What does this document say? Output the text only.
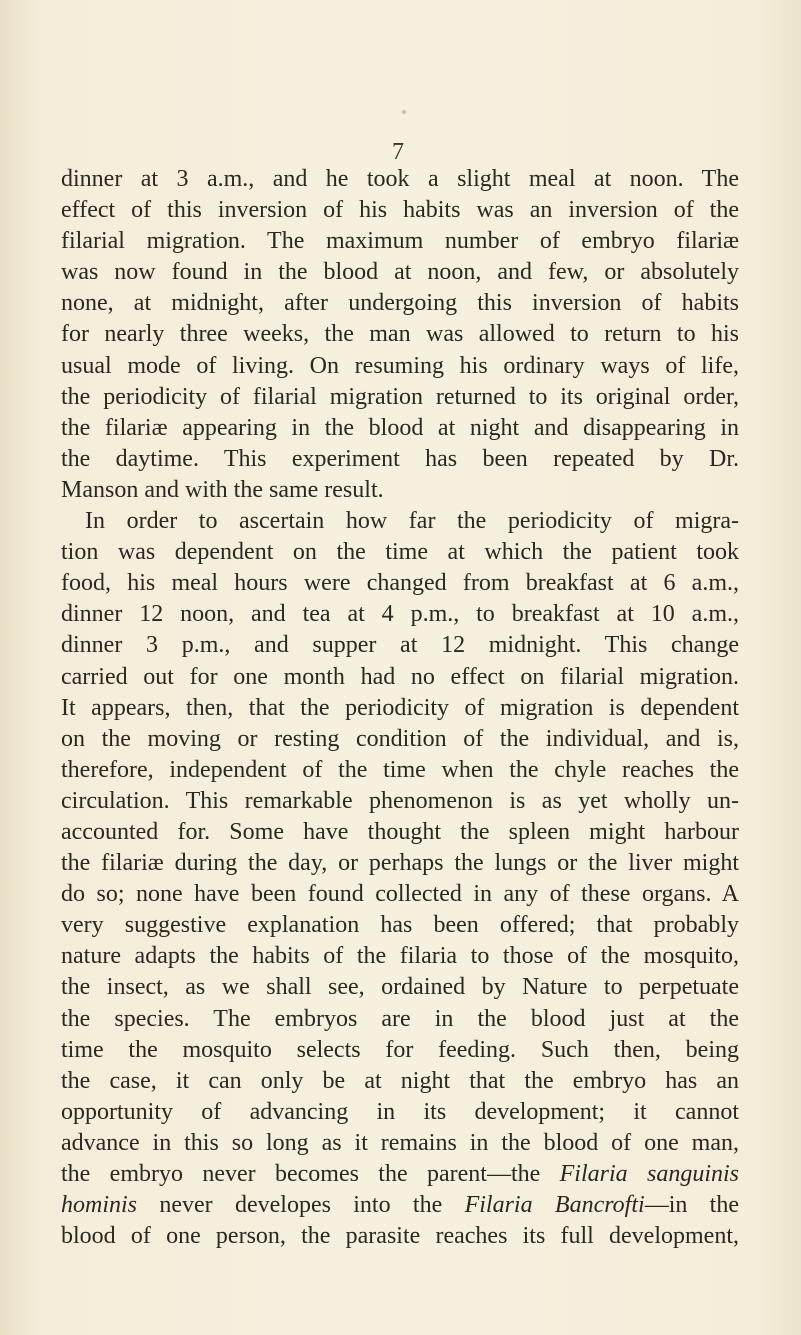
7
dinner at 3 a.m., and he took a slight meal at noon. The
effect of this inversion of his habits was an inversion of the
filarial migration. The maximum number of embryo filariæ
was now found in the blood at noon, and few, or absolutely
none, at midnight, after undergoing this inversion of habits
for nearly three weeks, the man was allowed to return to his
usual mode of living. On resuming his ordinary ways of life,
the periodicity of filarial migration returned to its original order,
the filariæ appearing in the blood at night and disappearing in
the daytime. This experiment has been repeated by Dr.
Manson and with the same result.
In order to ascertain how far the periodicity of migra-
tion was dependent on the time at which the patient took
food, his meal hours were changed from breakfast at 6 a.m.,
dinner 12 noon, and tea at 4 p.m., to breakfast at 10 a.m.,
dinner 3 p.m., and supper at 12 midnight. This change
carried out for one month had no effect on filarial migration.
It appears, then, that the periodicity of migration is dependent
on the moving or resting condition of the individual, and is,
therefore, independent of the time when the chyle reaches the
circulation. This remarkable phenomenon is as yet wholly un-
accounted for. Some have thought the spleen might harbour
the filariæ during the day, or perhaps the lungs or the liver might
do so; none have been found collected in any of these organs. A
very suggestive explanation has been offered; that probably
nature adapts the habits of the filaria to those of the mosquito,
the insect, as we shall see, ordained by Nature to perpetuate
the species. The embryos are in the blood just at the
time the mosquito selects for feeding. Such then, being
the case, it can only be at night that the embryo has an
opportunity of advancing in its development; it cannot
advance in this so long as it remains in the blood of one man,
the embryo never becomes the parent—the Filaria sanguinis
hominis never developes into the Filaria Bancrofti—in the
blood of one person, the parasite reaches its full development,
